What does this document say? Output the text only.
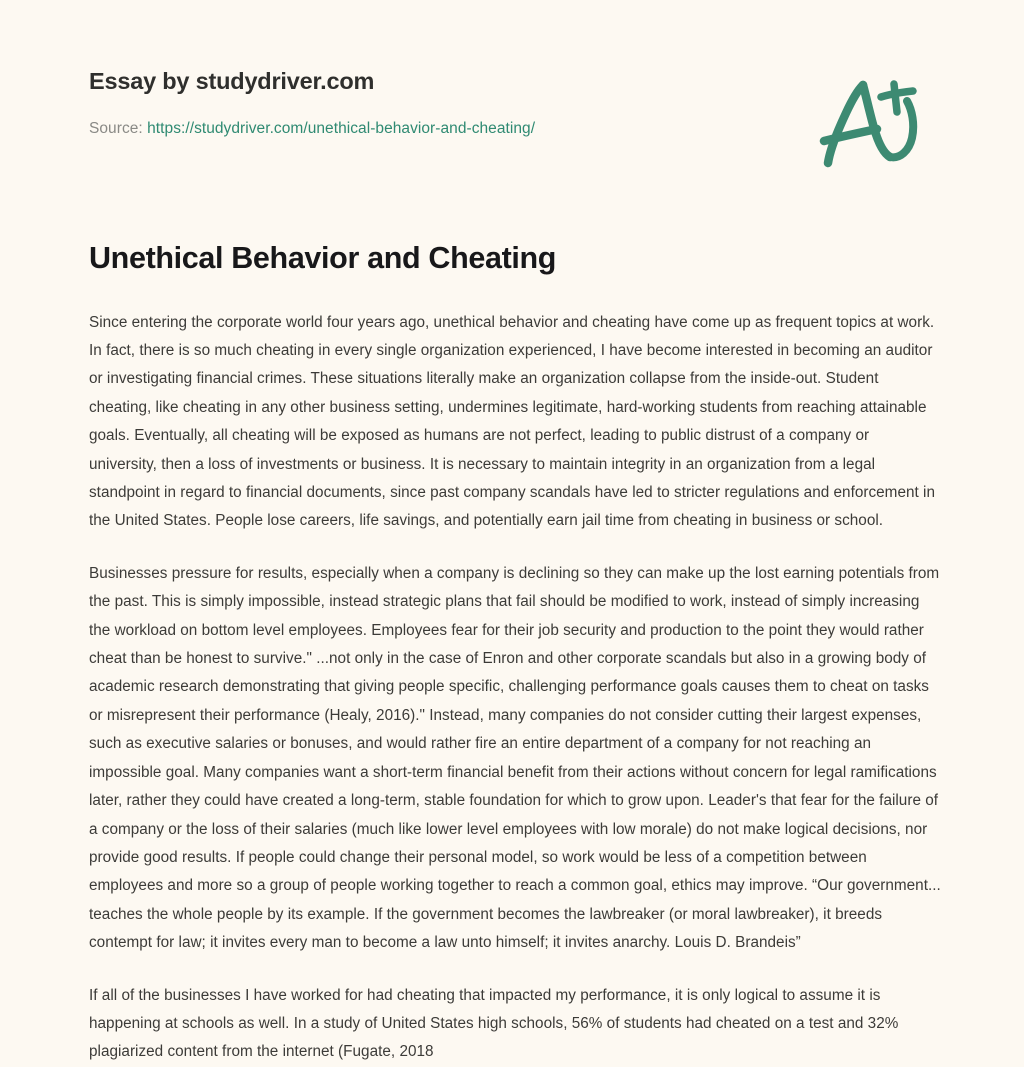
Essay by studydriver.com
Source: https://studydriver.com/unethical-behavior-and-cheating/
Unethical Behavior and Cheating

Since entering the corporate world four years ago, unethical behavior and cheating have come up as frequent topics at work. In fact, there is so much cheating in every single organization experienced, I have become interested in becoming an auditor or investigating financial crimes. These situations literally make an organization collapse from the inside-out. Student cheating, like cheating in any other business setting, undermines legitimate, hard-working students from reaching attainable goals. Eventually, all cheating will be exposed as humans are not perfect, leading to public distrust of a company or university, then a loss of investments or business. It is necessary to maintain integrity in an organization from a legal standpoint in regard to financial documents, since past company scandals have led to stricter regulations and enforcement in the United States. People lose careers, life savings, and potentially earn jail time from cheating in business or school.

Businesses pressure for results, especially when a company is declining so they can make up the lost earning potentials from the past. This is simply impossible, instead strategic plans that fail should be modified to work, instead of simply increasing the workload on bottom level employees. Employees fear for their job security and production to the point they would rather cheat than be honest to survive." ...not only in the case of Enron and other corporate scandals but also in a growing body of academic research demonstrating that giving people specific, challenging performance goals causes them to cheat on tasks or misrepresent their performance (Healy, 2016)." Instead, many companies do not consider cutting their largest expenses, such as executive salaries or bonuses, and would rather fire an entire department of a company for not reaching an impossible goal. Many companies want a short-term financial benefit from their actions without concern for legal ramifications later, rather they could have created a long-term, stable foundation for which to grow upon. Leader's that fear for the failure of a company or the loss of their salaries (much like lower level employees with low morale) do not make logical decisions, nor provide good results. If people could change their personal model, so work would be less of a competition between employees and more so a group of people working together to reach a common goal, ethics may improve. “Our government... teaches the whole people by its example. If the government becomes the lawbreaker (or moral lawbreaker), it breeds contempt for law; it invites every man to become a law unto himself; it invites anarchy. Louis D. Brandeis”

If all of the businesses I have worked for had cheating that impacted my performance, it is only logical to assume it is happening at schools as well. In a study of United States high schools, 56% of students had cheated on a test and 32% plagiarized content from the internet (Fugate, 2018
